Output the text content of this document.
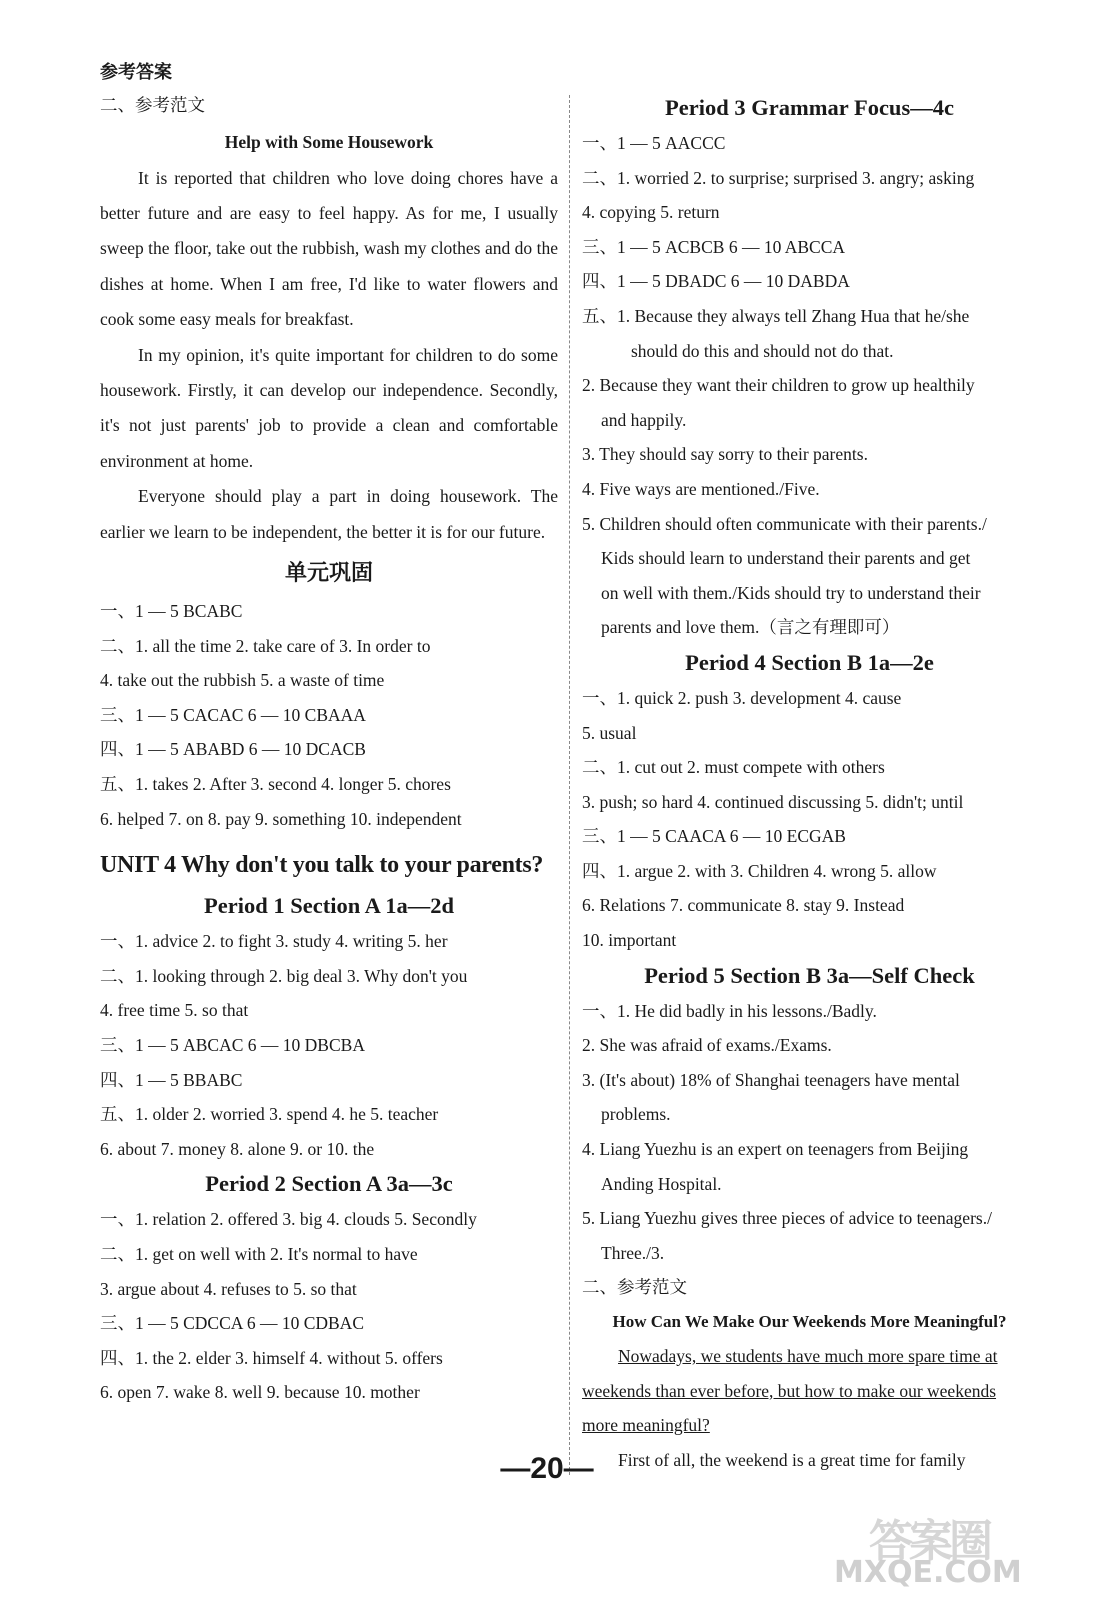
参考答案
二、参考范文
Help with Some Housework
It is reported that children who love doing chores have a better future and are easy to feel happy. As for me, I usually sweep the floor, take out the rubbish, wash my clothes and do the dishes at home. When I am free, I'd like to water flowers and cook some easy meals for breakfast.
In my opinion, it's quite important for children to do some housework. Firstly, it can develop our independence. Secondly, it's not just parents' job to provide a clean and comfortable environment at home.
Everyone should play a part in doing housework. The earlier we learn to be independent, the better it is for our future.
单元巩固
一、1 — 5 BCABC
二、1. all the time 2. take care of 3. In order to
4. take out the rubbish 5. a waste of time
三、1 — 5 CACAC 6 — 10 CBAAA
四、1 — 5 ABABD 6 — 10 DCACB
五、1. takes 2. After 3. second 4. longer 5. chores
6. helped 7. on 8. pay 9. something 10. independent
UNIT 4 Why don't you talk to your parents?
Period 1 Section A 1a—2d
一、1. advice 2. to fight 3. study 4. writing 5. her
二、1. looking through 2. big deal 3. Why don't you
4. free time 5. so that
三、1 — 5 ABCAC 6 — 10 DBCBA
四、1 — 5 BBABC
五、1. older 2. worried 3. spend 4. he 5. teacher
6. about 7. money 8. alone 9. or 10. the
Period 2 Section A 3a—3c
一、1. relation 2. offered 3. big 4. clouds 5. Secondly
二、1. get on well with 2. It's normal to have
3. argue about 4. refuses to 5. so that
三、1 — 5 CDCCA 6 — 10 CDBAC
四、1. the 2. elder 3. himself 4. without 5. offers
6. open 7. wake 8. well 9. because 10. mother
Period 3 Grammar Focus—4c
一、1 — 5 AACCC
二、1. worried 2. to surprise; surprised 3. angry; asking
4. copying 5. return
三、1 — 5 ACBCB 6 — 10 ABCCA
四、1 — 5 DBADC 6 — 10 DABDA
五、1. Because they always tell Zhang Hua that he/she
should do this and should not do that.
2. Because they want their children to grow up healthily
and happily.
3. They should say sorry to their parents.
4. Five ways are mentioned./Five.
5. Children should often communicate with their parents./
Kids should learn to understand their parents and get
on well with them./Kids should try to understand their
parents and love them.（言之有理即可）
Period 4 Section B 1a—2e
一、1. quick 2. push 3. development 4. cause
5. usual
二、1. cut out 2. must compete with others
3. push; so hard 4. continued discussing 5. didn't; until
三、1 — 5 CAACA 6 — 10 ECGAB
四、1. argue 2. with 3. Children 4. wrong 5. allow
6. Relations 7. communicate 8. stay 9. Instead
10. important
Period 5 Section B 3a—Self Check
一、1. He did badly in his lessons./Badly.
2. She was afraid of exams./Exams.
3. (It's about) 18% of Shanghai teenagers have mental
problems.
4. Liang Yuezhu is an expert on teenagers from Beijing
Anding Hospital.
5. Liang Yuezhu gives three pieces of advice to teenagers./
Three./3.
二、参考范文
How Can We Make Our Weekends More Meaningful?
Nowadays, we students have much more spare time at
weekends than ever before, but how to make our weekends
more meaningful?
First of all, the weekend is a great time for family
—20—
答案圈
MXQE.COM
